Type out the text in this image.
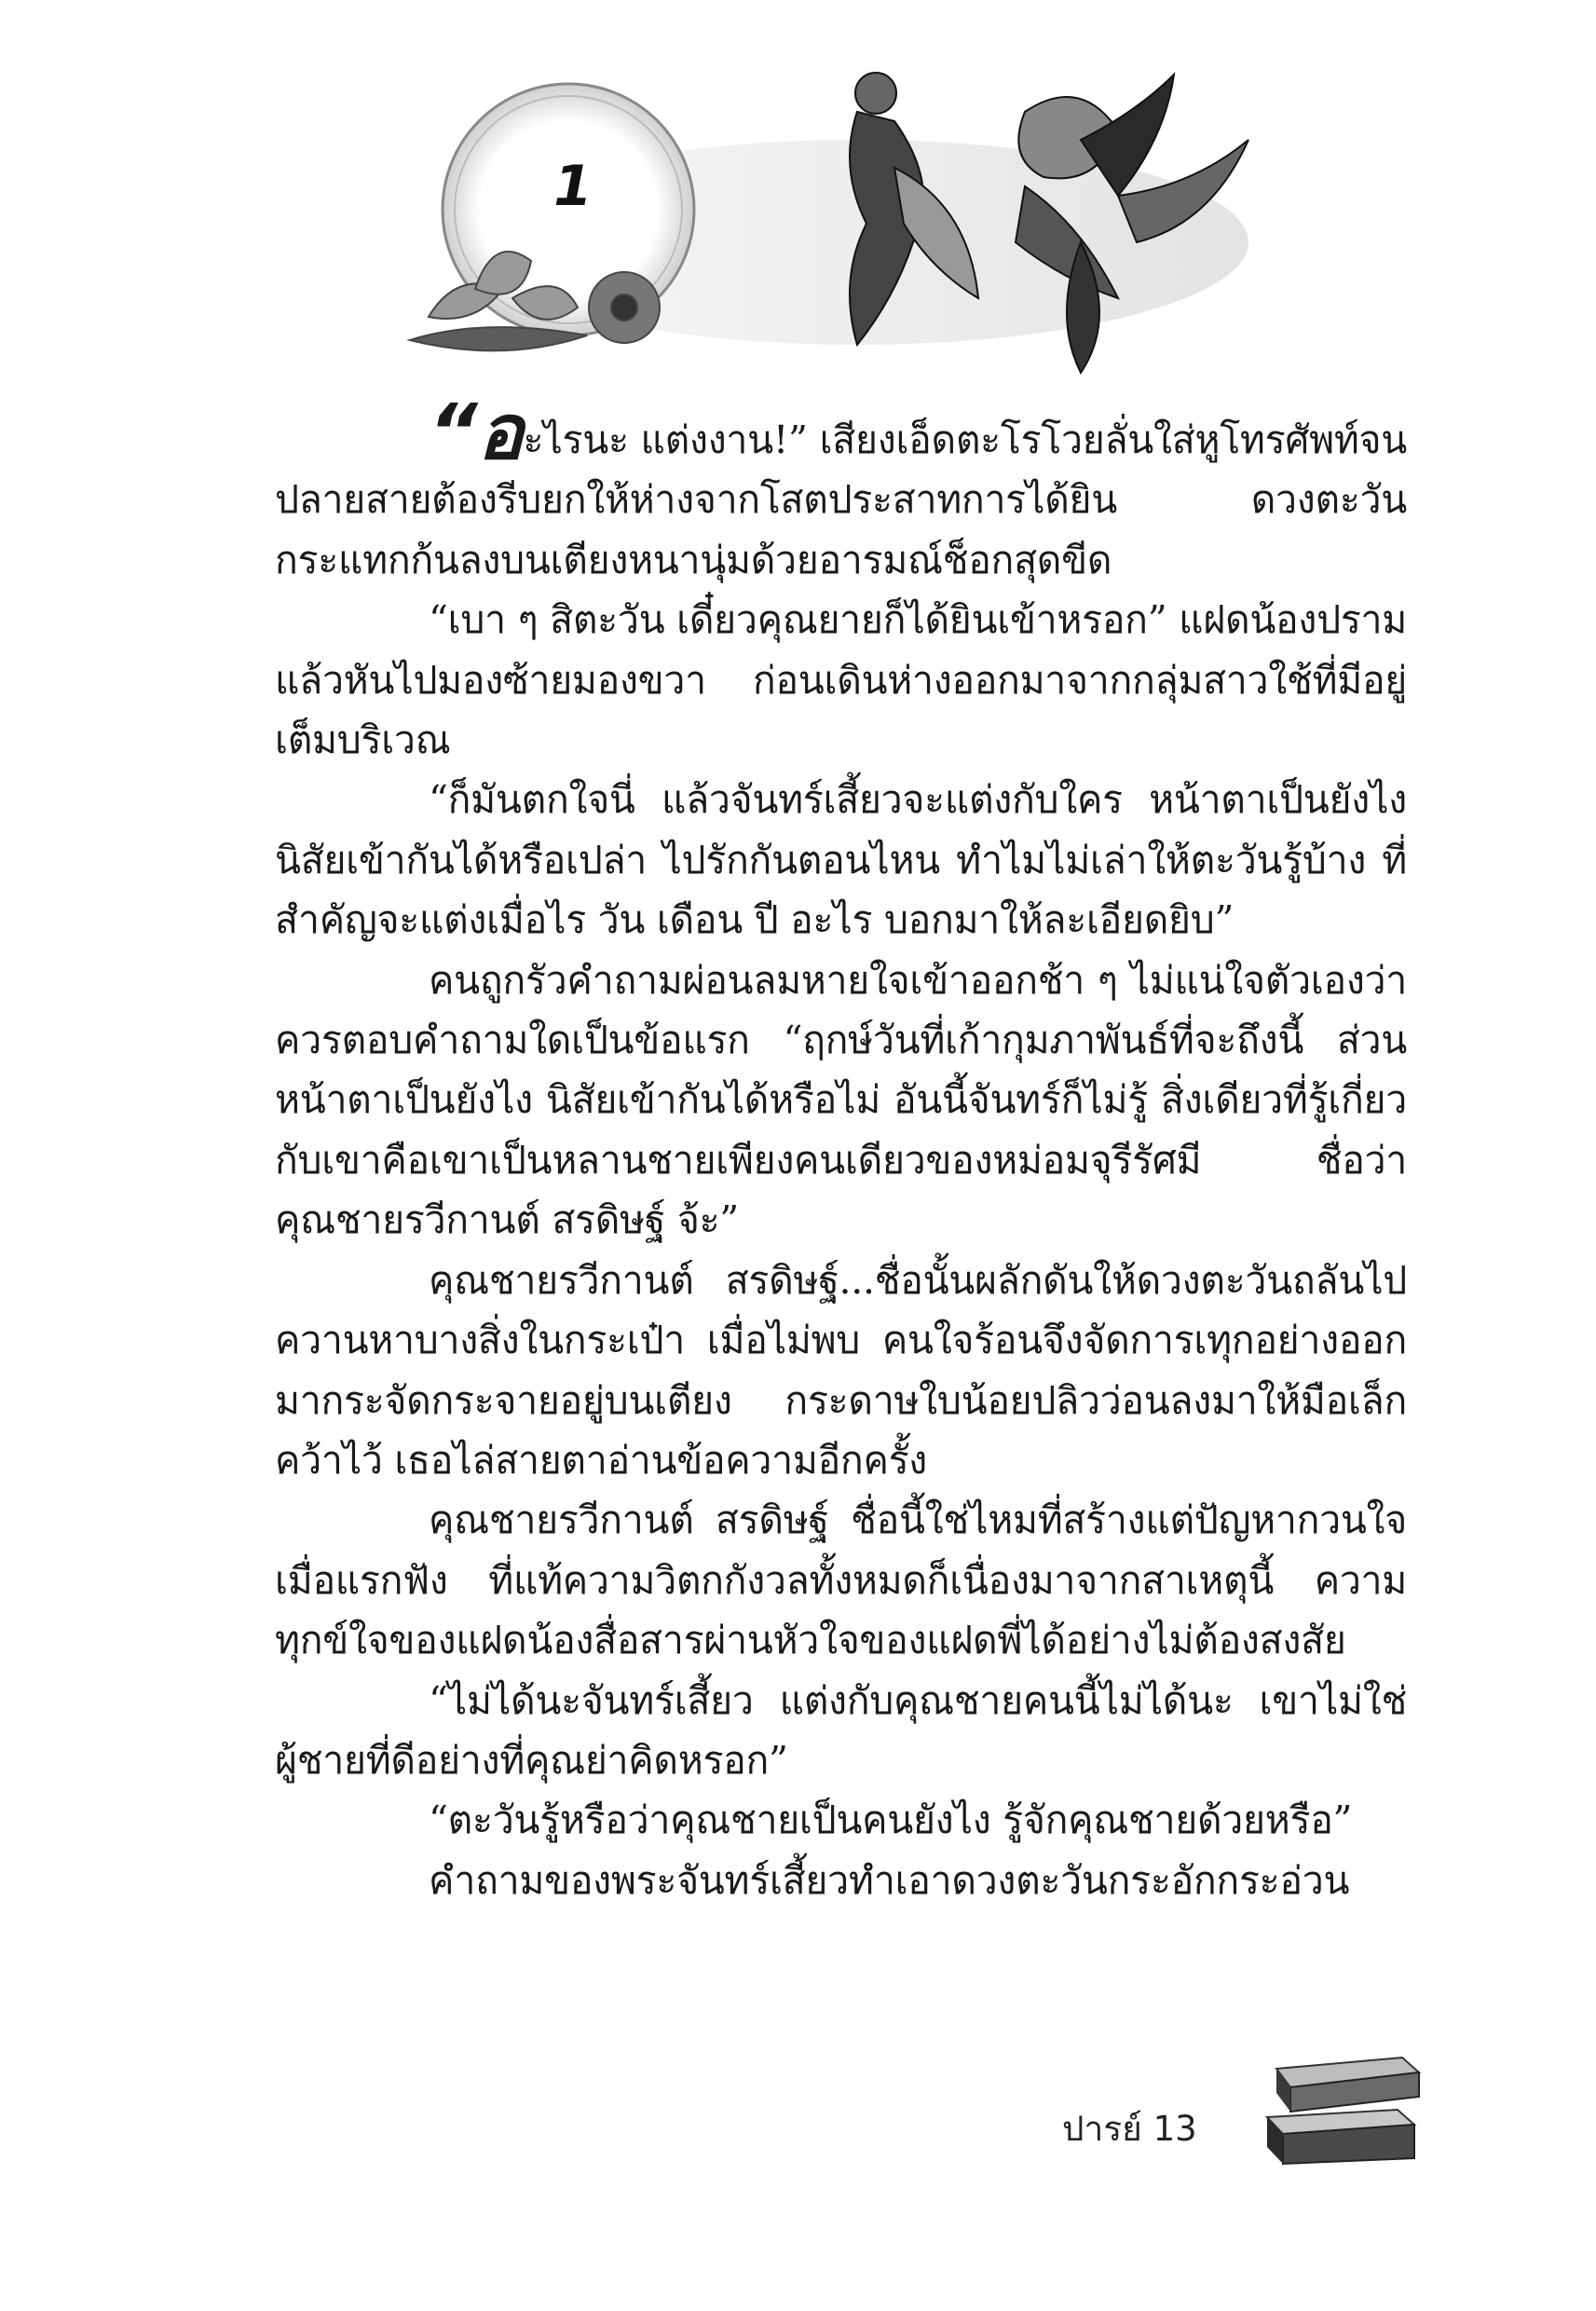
1

“อะไรนะ แต่งงาน!” เสียงเอ็ดตะโรโวยลั่นใส่หูโทรศัพท์จนปลายสายต้องรีบยกให้ห่างจากโสตประสาทการได้ยิน ดวงตะวันกระแทกก้นลงบนเตียงหนานุ่มด้วยอารมณ์ช็อกสุดขีด

“เบา ๆ สิตะวัน เดี๋ยวคุณยายก็ได้ยินเข้าหรอก” แฝดน้องปรามแล้วหันไปมองซ้ายมองขวา ก่อนเดินห่างออกมาจากกลุ่มสาวใช้ที่มีอยู่เต็มบริเวณ

“ก็มันตกใจนี่ แล้วจันทร์เสี้ยวจะแต่งกับใคร หน้าตาเป็นยังไง นิสัยเข้ากันได้หรือเปล่า ไปรักกันตอนไหน ทำไมไม่เล่าให้ตะวันรู้บ้าง ที่สำคัญจะแต่งเมื่อไร วัน เดือน ปี อะไร บอกมาให้ละเอียดยิบ”

คนถูกรัวคำถามผ่อนลมหายใจเข้าออกช้า ๆ ไม่แน่ใจตัวเองว่าควรตอบคำถามใดเป็นข้อแรก “ฤกษ์วันที่เก้ากุมภาพันธ์ที่จะถึงนี้ ส่วนหน้าตาเป็นยังไง นิสัยเข้ากันได้หรือไม่ อันนี้จันทร์ก็ไม่รู้ สิ่งเดียวที่รู้เกี่ยวกับเขาคือเขาเป็นหลานชายเพียงคนเดียวของหม่อมจุรีรัศมี ชื่อว่าคุณชายรวีกานต์ สรดิษฐ์ จ้ะ”

คุณชายรวีกานต์ สรดิษฐ์...ชื่อนั้นผลักดันให้ดวงตะวันถลันไปควานหาบางสิ่งในกระเป๋า เมื่อไม่พบ คนใจร้อนจึงจัดการเทุกอย่างออกมากระจัดกระจายอยู่บนเตียง กระดาษใบน้อยปลิวว่อนลงมาให้มือเล็กคว้าไว้ เธอไล่สายตาอ่านข้อความอีกครั้ง

คุณชายรวีกานต์ สรดิษฐ์ ชื่อนี้ใช่ไหมที่สร้างแต่ปัญหากวนใจเมื่อแรกฟัง ที่แท้ความวิตกกังวลทั้งหมดก็เนื่องมาจากสาเหตุนี้ ความทุกข์ใจของแฝดน้องสื่อสารผ่านหัวใจของแฝดพี่ได้อย่างไม่ต้องสงสัย

“ไม่ได้นะจันทร์เสี้ยว แต่งกับคุณชายคนนี้ไม่ได้นะ เขาไม่ใช่ผู้ชายที่ดีอย่างที่คุณย่าคิดหรอก”

“ตะวันรู้หรือว่าคุณชายเป็นคนยังไง รู้จักคุณชายด้วยหรือ”

คำถามของพระจันทร์เสี้ยวทำเอาดวงตะวันกระอักกระอ่วน

ปารย์ 13
